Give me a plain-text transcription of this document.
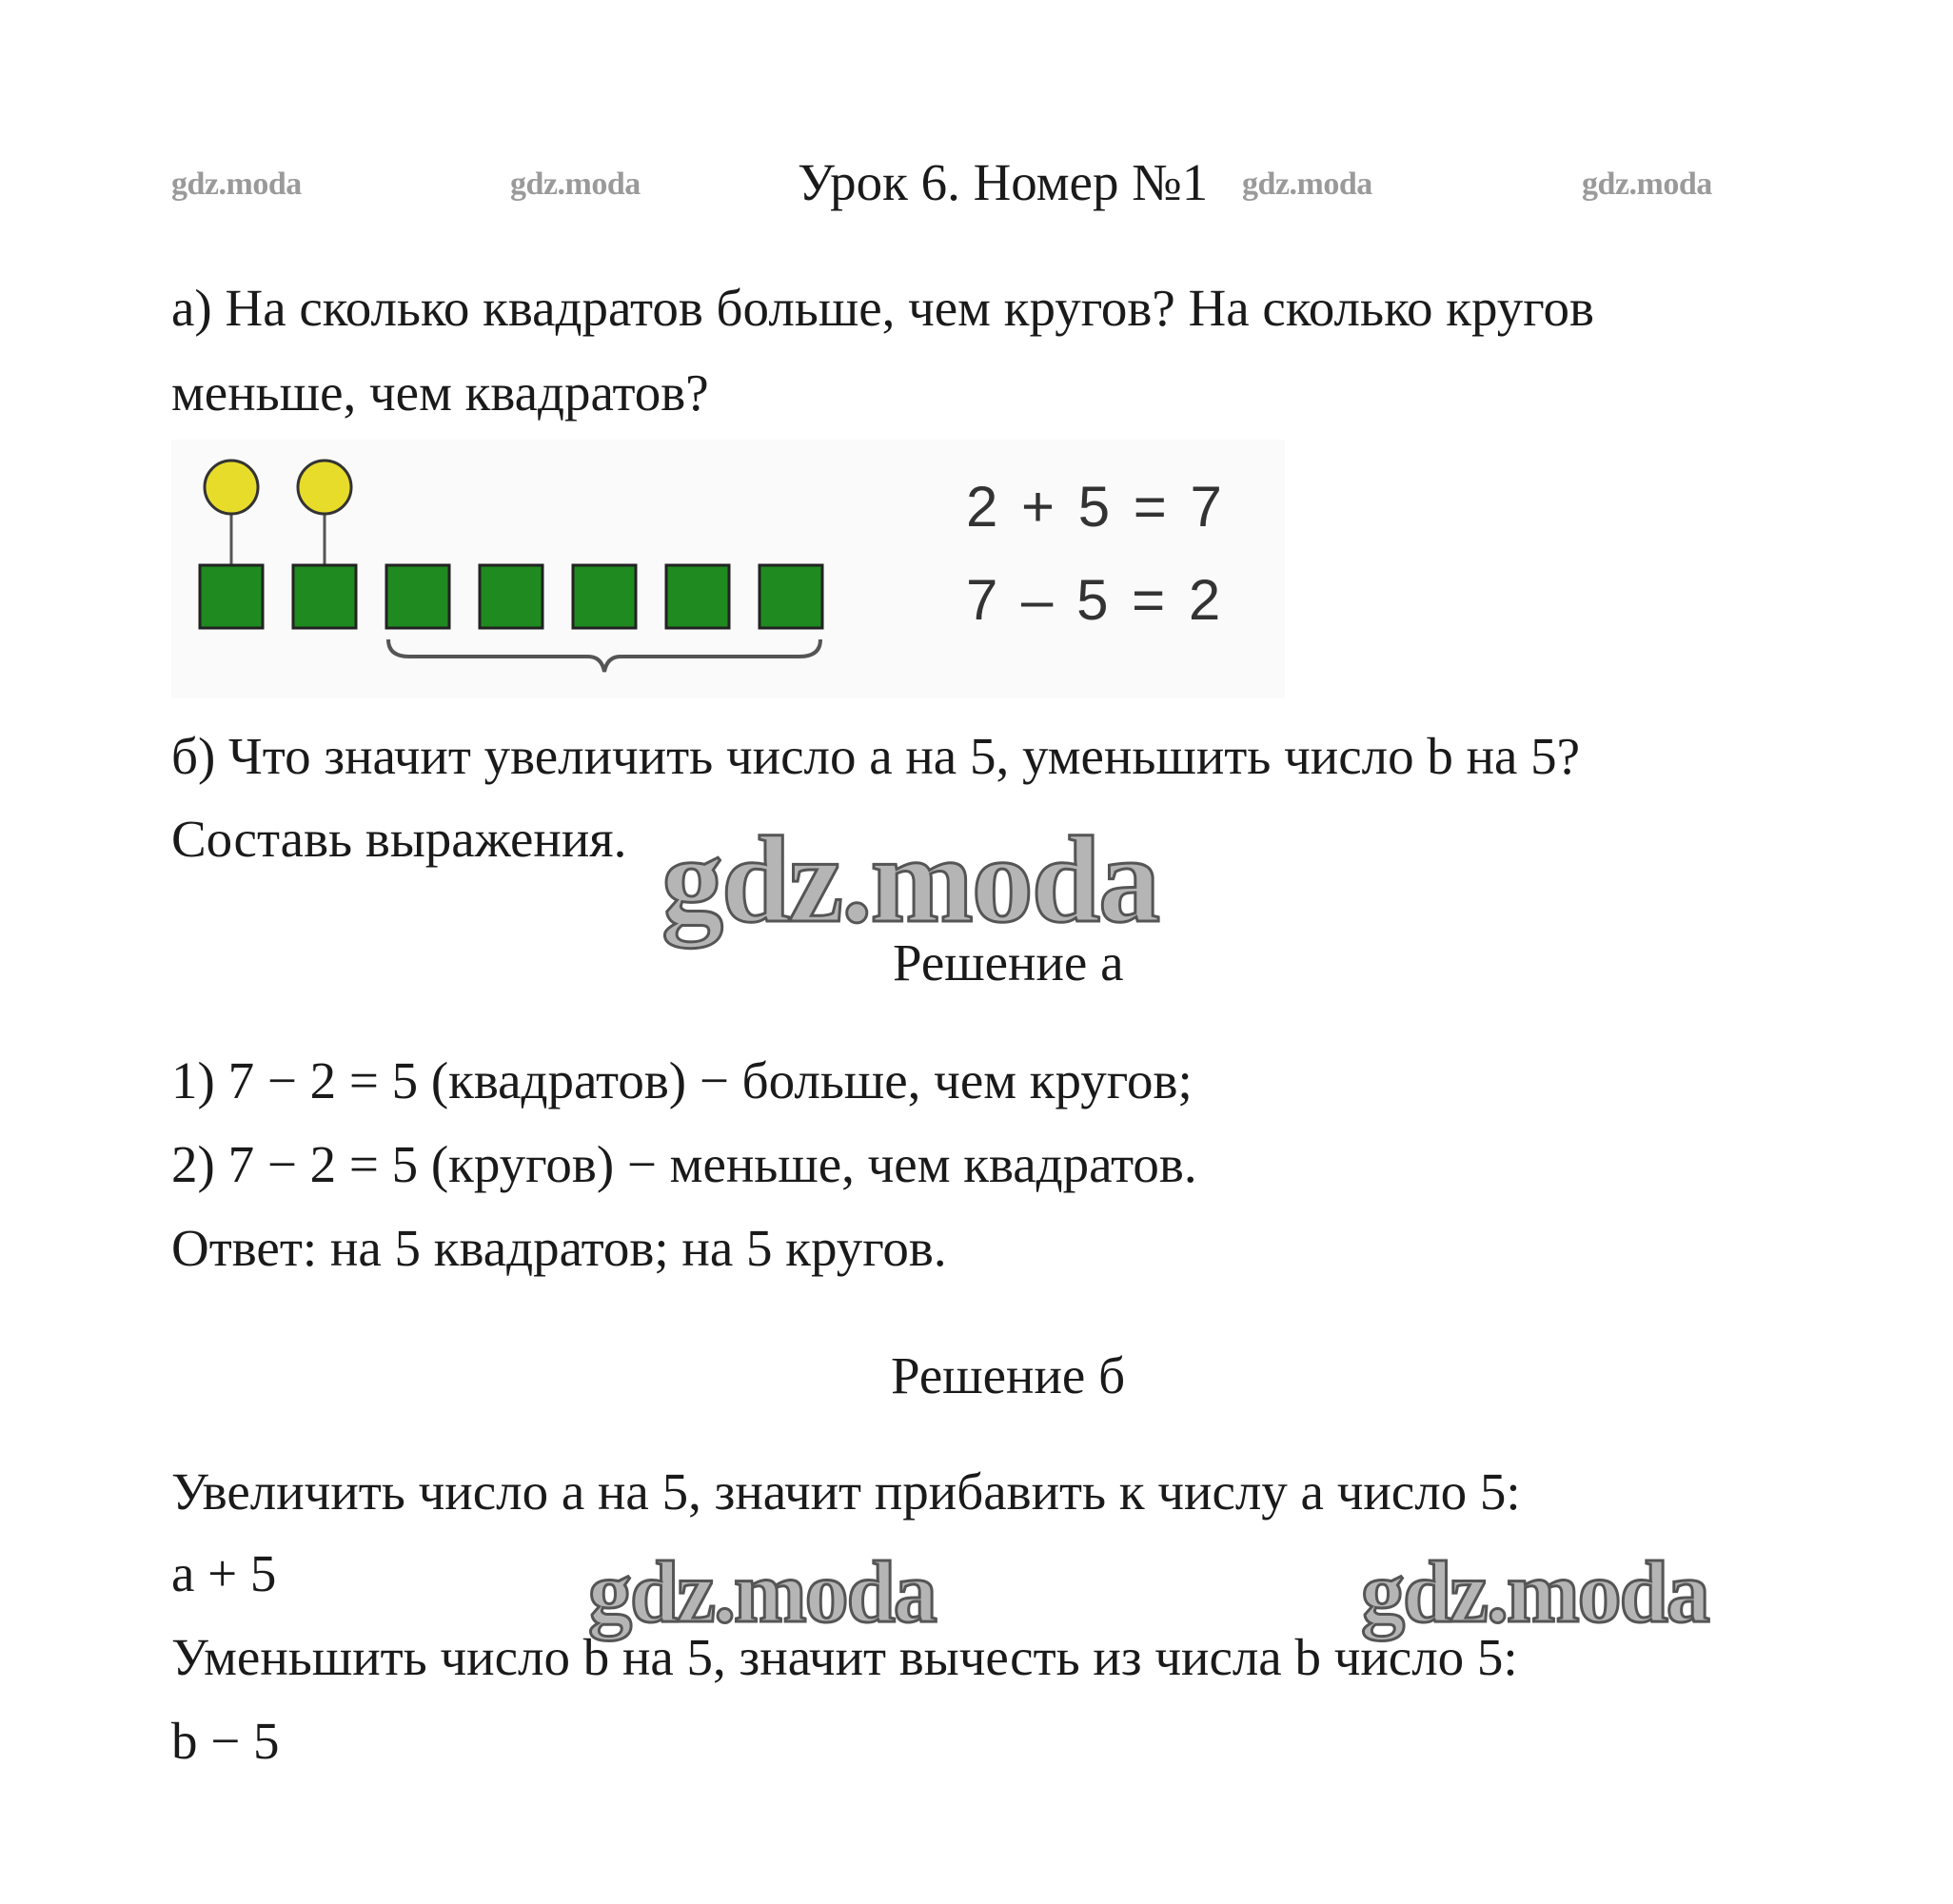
gdz.moda	gdz.moda	Урок 6. Номер №1 gdz.moda	gdz.moda
а) На сколько квадратов больше, чем кругов? На сколько кругов
меньше, чем квадратов?
2 + 5 = 7
7 – 5 = 2
б) Что значит увеличить число а на 5, уменьшить число b на 5?
Составь выражения. gdz.moda
gdz.moda	gdz.moda
Решение а
1) 7 − 2 = 5 (квадратов) − больше, чем кругов;
2) 7 − 2 = 5 (кругов) − меньше, чем квадратов.
Ответ: на 5 квадратов; на 5 кругов.
Решение б
Увеличить число а на 5, значит прибавить к числу а число 5:
a + 5
Уменьшить число b на 5, значит вычесть из числа b число 5:
b − 5
